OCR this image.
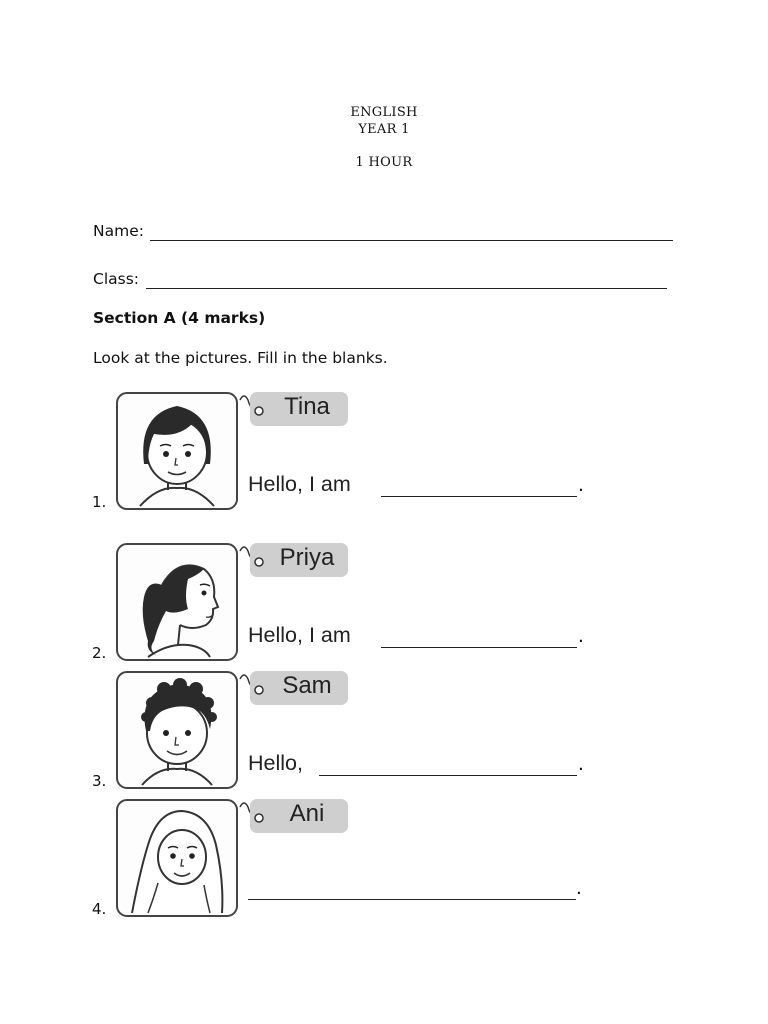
ENGLISH
YEAR 1
1 HOUR
Name:
Class:
Section A (4 marks)
Look at the pictures. Fill in the blanks.
1.
Tina
Hello, I am	.
2.
Priya
Hello, I am	.
3.
Sam
Hello,	.
4.
Ani
.
